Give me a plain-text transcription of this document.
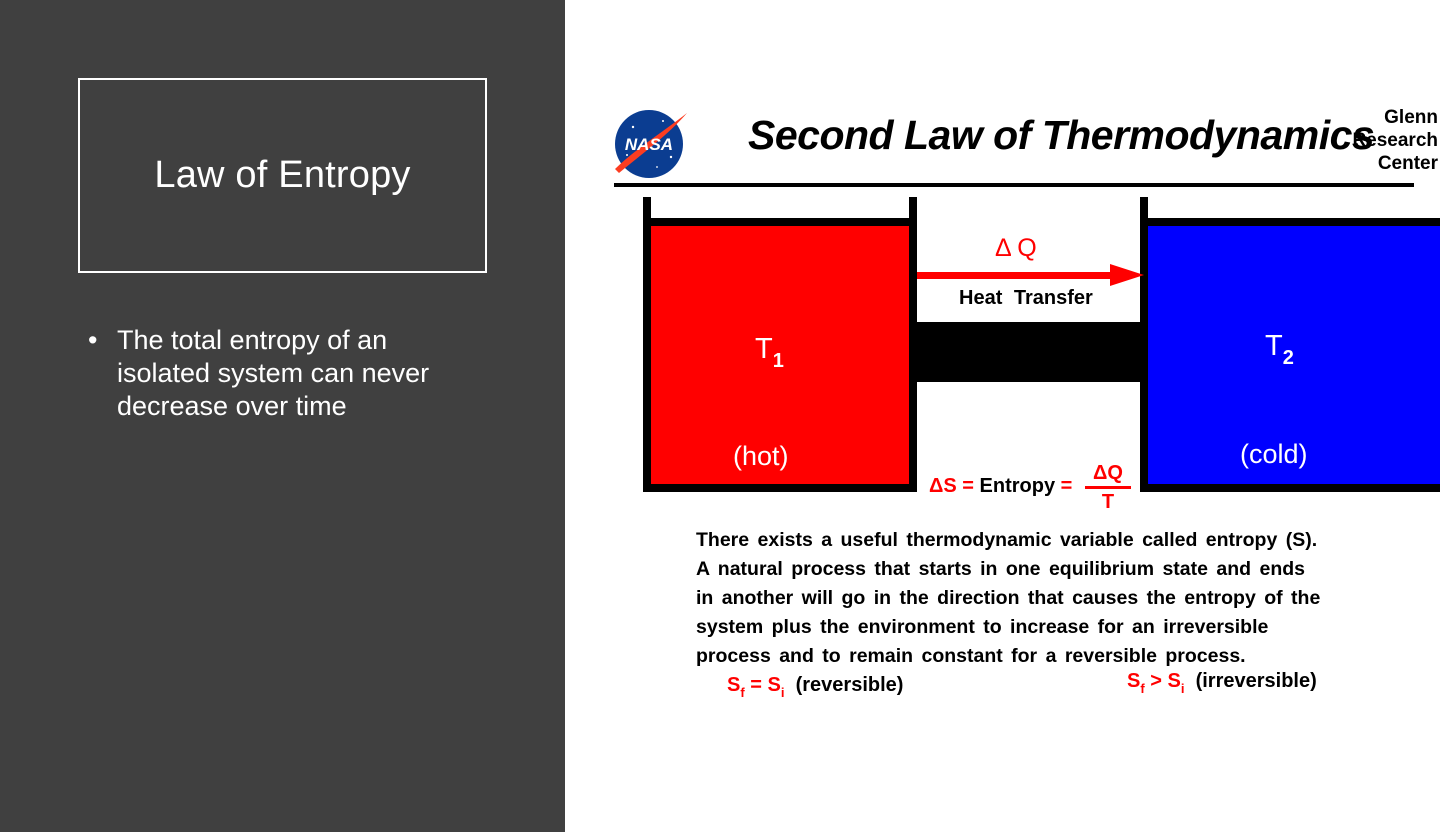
Law of Entropy
• The total entropy of an isolated system can never decrease over time
NASA Second Law of Thermodynamics Glenn
Research
Center
Δ Q
Heat Transfer
$T_1$	$T_2$
(hot)	(cold)
ΔS = Entropy =
ΔQ
T
There exists a useful thermodynamic variable called entropy (S).
A natural process that starts in one equilibrium state and ends
in another will go in the direction that causes the entropy of the
system plus the environment to increase for an irreversible
process and to remain constant for a reversible process.
$S_f = S_i$ (reversible)	$S_f > S_i$ (irreversible)
